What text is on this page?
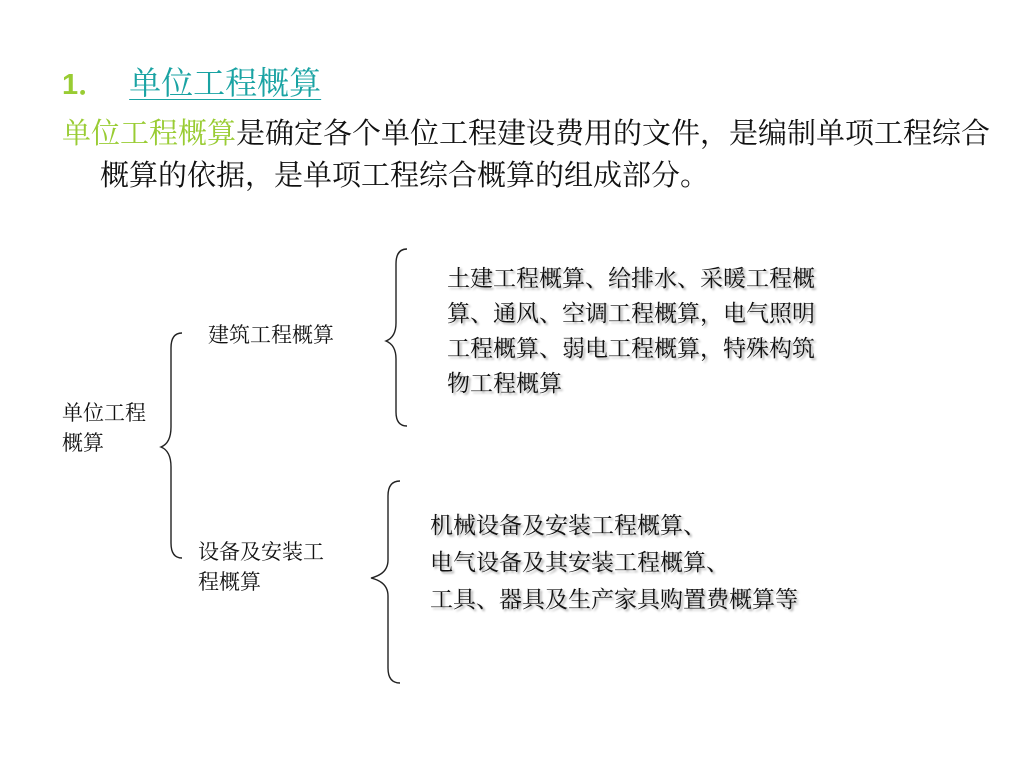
1． 单位工程概算
单位工程概算是确定各个单位工程建设费用的文件，是编制单项工程综合概算的依据，是单项工程综合概算的组成部分。
单位工程概算
建筑工程概算
设备及安装工程概算
土建工程概算、给排水、采暖工程概
算、通风、空调工程概算，电气照明
工程概算、弱电工程概算，特殊构筑
物工程概算
机械设备及安装工程概算、
电气设备及其安装工程概算、
工具、器具及生产家具购置费概算等
